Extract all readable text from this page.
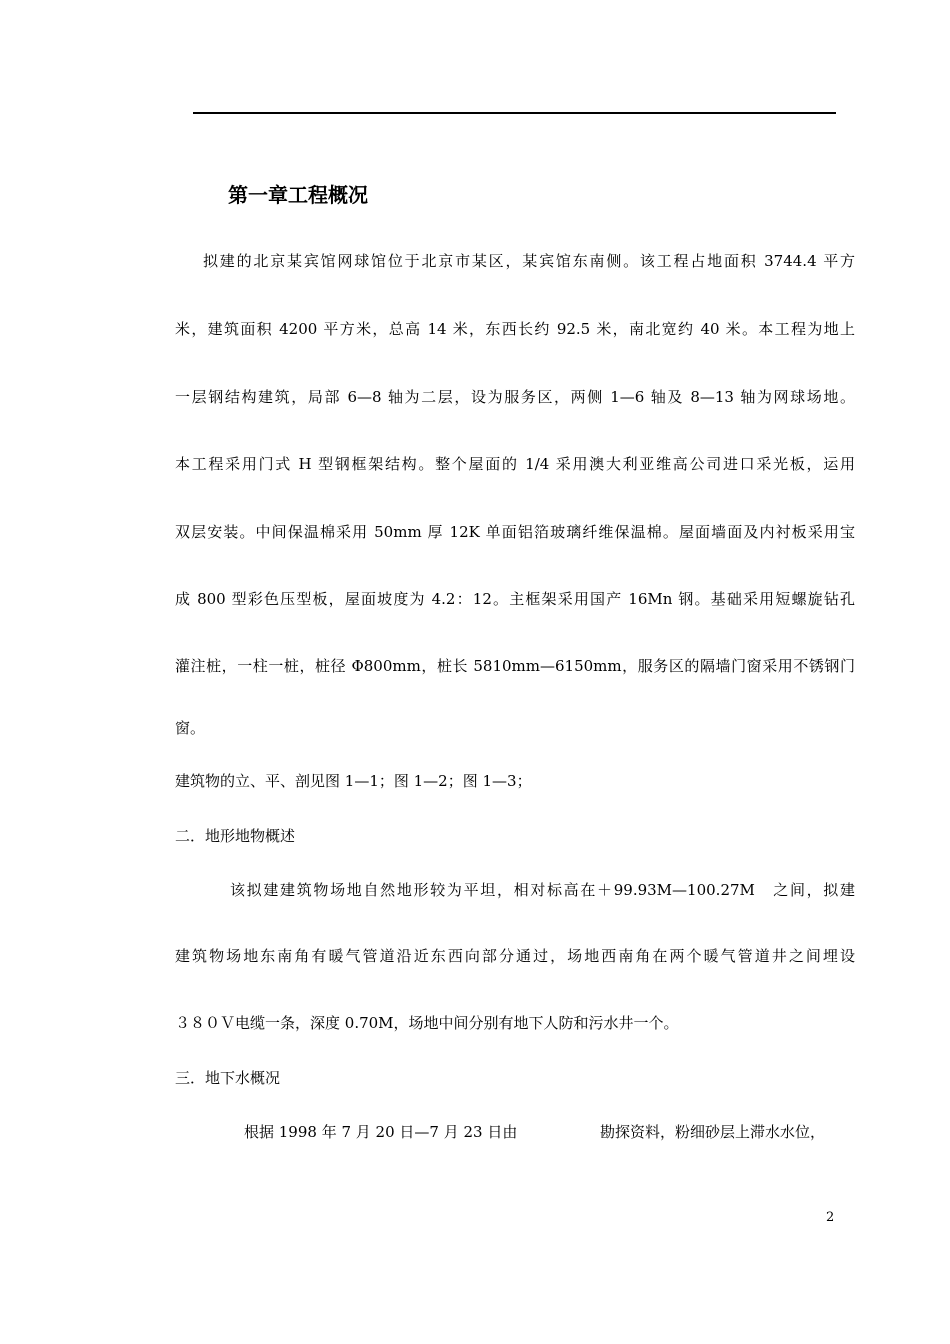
第一章工程概况
拟建的北京某宾馆网球馆位于北京市某区，某宾馆东南侧。该工程占地面积 3744.4 平方
米，建筑面积 4200 平方米，总高 14 米，东西长约 92.5 米，南北宽约 40 米。本工程为地上
一层钢结构建筑，局部 6—8 轴为二层，设为服务区，两侧 1—6 轴及 8—13 轴为网球场地。
本工程采用门式 H 型钢框架结构。整个屋面的 1/4 采用澳大利亚维高公司进口采光板，运用
双层安装。中间保温棉采用 50mm 厚 12K 单面铝箔玻璃纤维保温棉。屋面墙面及内衬板采用宝
成 800 型彩色压型板，屋面坡度为 4.2：12。主框架采用国产 16Mn 钢。基础采用短螺旋钻孔
灌注桩，一柱一桩，桩径 Φ800mm，桩长 5810mm—6150mm，服务区的隔墙门窗采用不锈钢门
窗。
建筑物的立、平、剖见图 1—1；图 1—2；图 1—3；
二．地形地物概述
该拟建建筑物场地自然地形较为平坦，相对标高在＋99.93M—100.27M　之间，拟建
建筑物场地东南角有暖气管道沿近东西向部分通过，场地西南角在两个暖气管道井之间埋设
３８０Ｖ电缆一条，深度 0.70M，场地中间分别有地下人防和污水井一个。
三．地下水概况
根据 1998 年 7 月 20 日—7 月 23 日由	勘探资料，粉细砂层上滞水水位，
2
